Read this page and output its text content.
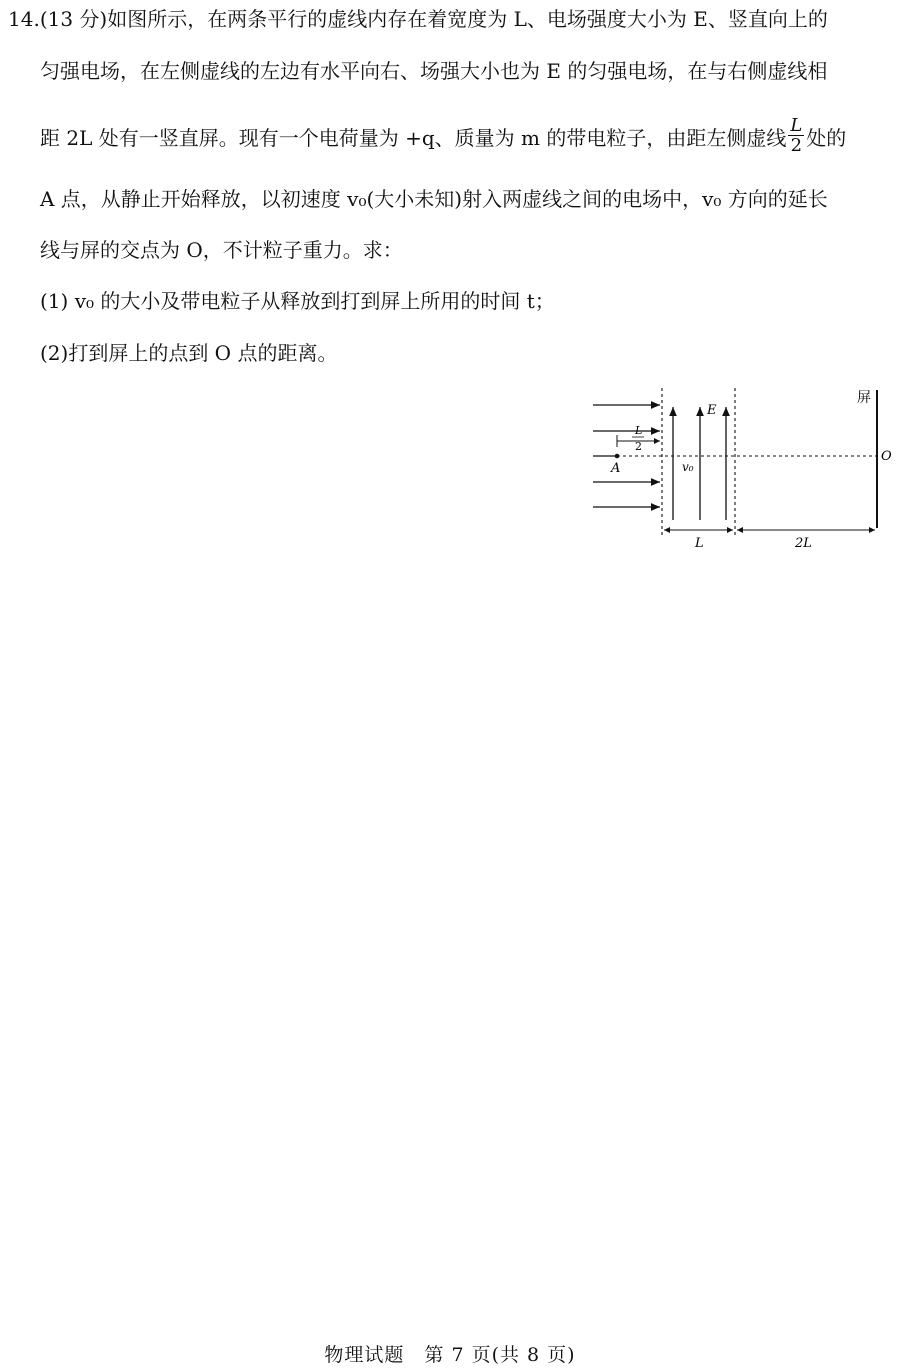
14.(13 分)如图所示，在两条平行的虚线内存在着宽度为 L、电场强度大小为 E、竖直向上的
匀强电场，在左侧虚线的左边有水平向右、场强大小也为 E 的匀强电场，在与右侧虚线相
距 2L 处有一竖直屏。现有一个电荷量为 +q、质量为 m 的带电粒子，由距左侧虚线 $\frac{L}{2}$ 处的
A 点，从静止开始释放，以初速度 v₀(大小未知)射入两虚线之间的电场中，v₀ 方向的延长
线与屏的交点为 O，不计粒子重力。求：
(1) v₀ 的大小及带电粒子从释放到打到屏上所用的时间 t；
(2)打到屏上的点到 O 点的距离。
E
A
L
2
v₀
屏
O
L	2L
物理试题　第 7 页(共 8 页)
